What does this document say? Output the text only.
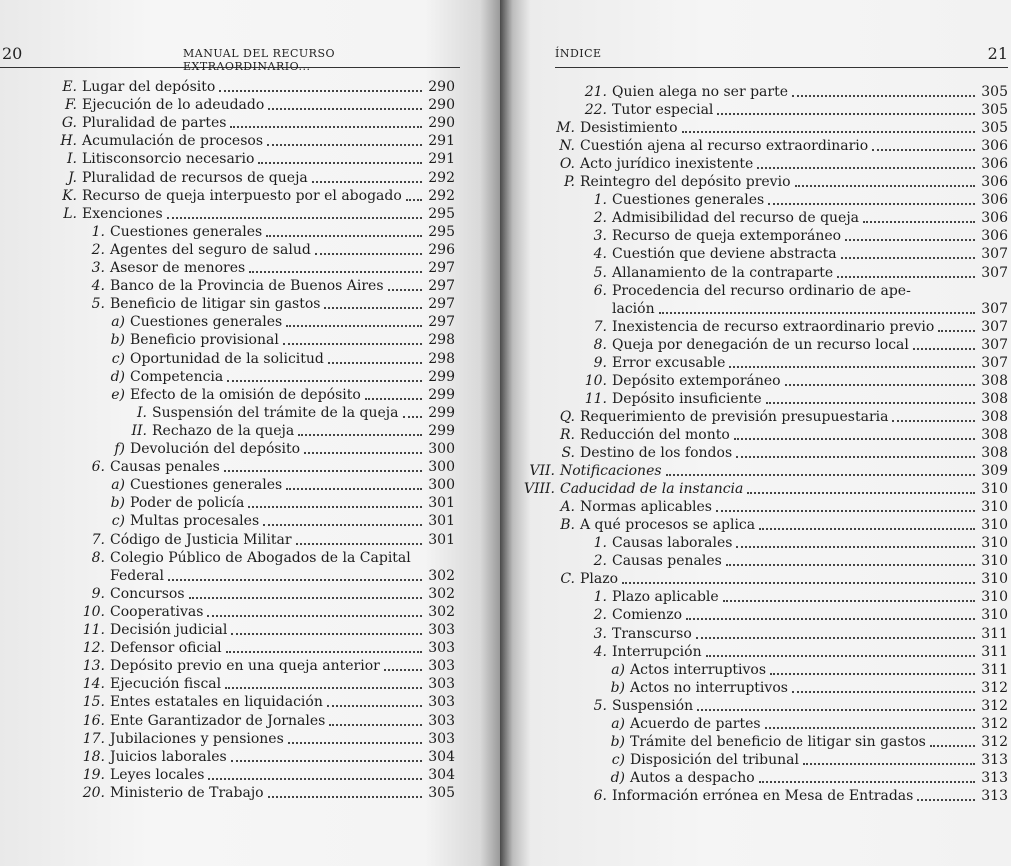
20	MANUAL DEL RECURSO EXTRAORDINARIO...
E. Lugar del depósito	290
F. Ejecución de lo adeudado	290
G. Pluralidad de partes	290
H. Acumulación de procesos	291
I. Litisconsorcio necesario	291
J. Pluralidad de recursos de queja	292
K. Recurso de queja interpuesto por el abogado 292
L. Exenciones	295
1. Cuestiones generales	295
2. Agentes del seguro de salud	296
3. Asesor de menores	297
4. Banco de la Provincia de Buenos Aires	297
5. Beneficio de litigar sin gastos	297
a) Cuestiones generales	297
b) Beneficio provisional	298
c) Oportunidad de la solicitud	298
d) Competencia	299
e) Efecto de la omisión de depósito	299
I. Suspensión del trámite de la queja 299
II. Rechazo de la queja	299
f) Devolución del depósito	300
6. Causas penales	300
a) Cuestiones generales	300
b) Poder de policía	301
c) Multas procesales	301
7. Código de Justicia Militar	301
8. Colegio Público de Abogados de la Capital
Federal	302
9. Concursos	302
10. Cooperativas	302
11. Decisión judicial	303
12. Defensor oficial	303
13. Depósito previo en una queja anterior	303
14. Ejecución fiscal	303
15. Entes estatales en liquidación	303
16. Ente Garantizador de Jornales	303
17. Jubilaciones y pensiones	303
18. Juicios laborales	304
19. Leyes locales	304
20. Ministerio de Trabajo	305
ÍNDICE	21
21. Quien alega no ser parte	305
22. Tutor especial	305
M. Desistimiento	305
N. Cuestión ajena al recurso extraordinario	306
O. Acto jurídico inexistente	306
P. Reintegro del depósito previo	306
1. Cuestiones generales	306
2. Admisibilidad del recurso de queja	306
3. Recurso de queja extemporáneo	306
4. Cuestión que deviene abstracta	307
5. Allanamiento de la contraparte	307
6. Procedencia del recurso ordinario de ape-
lación	307
7. Inexistencia de recurso extraordinario previo	307
8. Queja por denegación de un recurso local	307
9. Error excusable	307
10. Depósito extemporáneo	308
11. Depósito insuficiente	308
Q. Requerimiento de previsión presupuestaria	308
R. Reducción del monto	308
S. Destino de los fondos	308
VII. Notificaciones	309
VIII. Caducidad de la instancia	310
A. Normas aplicables	310
B. A qué procesos se aplica	310
1. Causas laborales	310
2. Causas penales	310
C. Plazo	310
1. Plazo aplicable	310
2. Comienzo	310
3. Transcurso	311
4. Interrupción	311
a) Actos interruptivos	311
b) Actos no interruptivos	312
5. Suspensión	312
a) Acuerdo de partes	312
b) Trámite del beneficio de litigar sin gastos	312
c) Disposición del tribunal	313
d) Autos a despacho	313
6. Información errónea en Mesa de Entradas	313
